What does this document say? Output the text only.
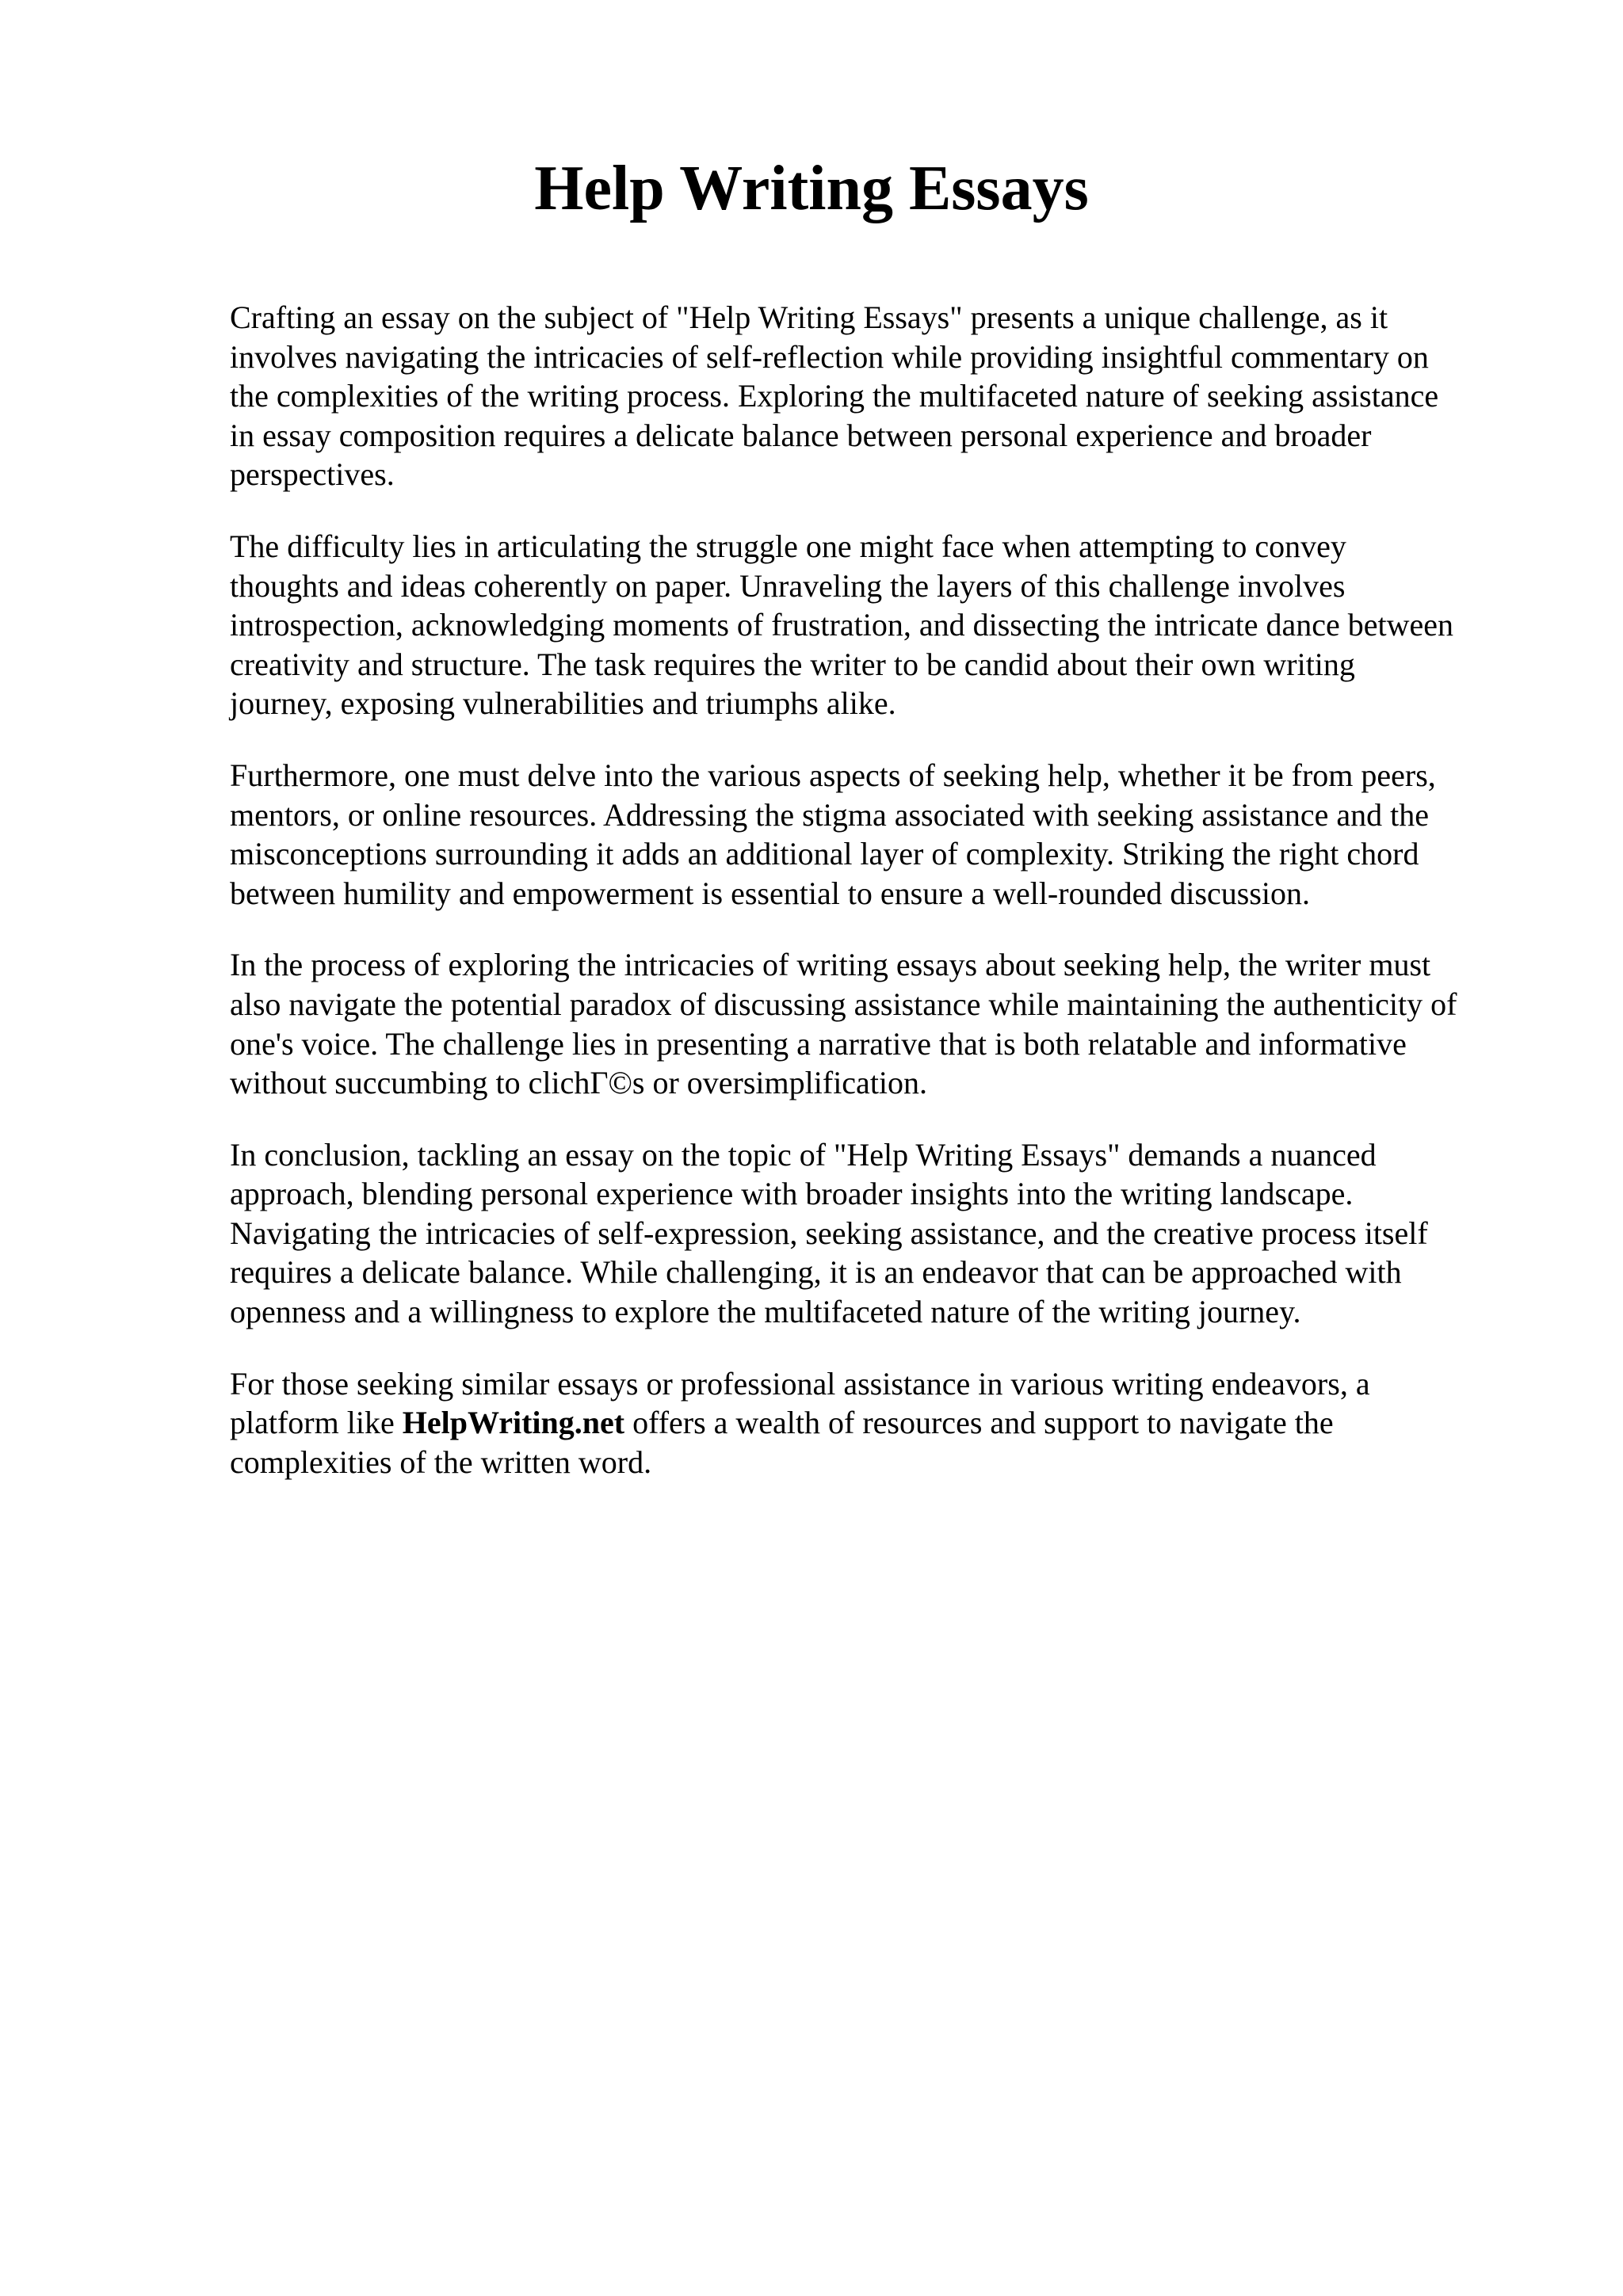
Help Writing Essays

Crafting an essay on the subject of "Help Writing Essays" presents a unique challenge, as it
involves navigating the intricacies of self-reflection while providing insightful commentary on
the complexities of the writing process. Exploring the multifaceted nature of seeking assistance
in essay composition requires a delicate balance between personal experience and broader
perspectives.

The difficulty lies in articulating the struggle one might face when attempting to convey
thoughts and ideas coherently on paper. Unraveling the layers of this challenge involves
introspection, acknowledging moments of frustration, and dissecting the intricate dance between
creativity and structure. The task requires the writer to be candid about their own writing
journey, exposing vulnerabilities and triumphs alike.

Furthermore, one must delve into the various aspects of seeking help, whether it be from peers,
mentors, or online resources. Addressing the stigma associated with seeking assistance and the
misconceptions surrounding it adds an additional layer of complexity. Striking the right chord
between humility and empowerment is essential to ensure a well-rounded discussion.

In the process of exploring the intricacies of writing essays about seeking help, the writer must
also navigate the potential paradox of discussing assistance while maintaining the authenticity of
one's voice. The challenge lies in presenting a narrative that is both relatable and informative
without succumbing to clichΓ©s or oversimplification.

In conclusion, tackling an essay on the topic of "Help Writing Essays" demands a nuanced
approach, blending personal experience with broader insights into the writing landscape.
Navigating the intricacies of self-expression, seeking assistance, and the creative process itself
requires a delicate balance. While challenging, it is an endeavor that can be approached with
openness and a willingness to explore the multifaceted nature of the writing journey.

For those seeking similar essays or professional assistance in various writing endeavors, a
platform like HelpWriting.net offers a wealth of resources and support to navigate the
complexities of the written word.
